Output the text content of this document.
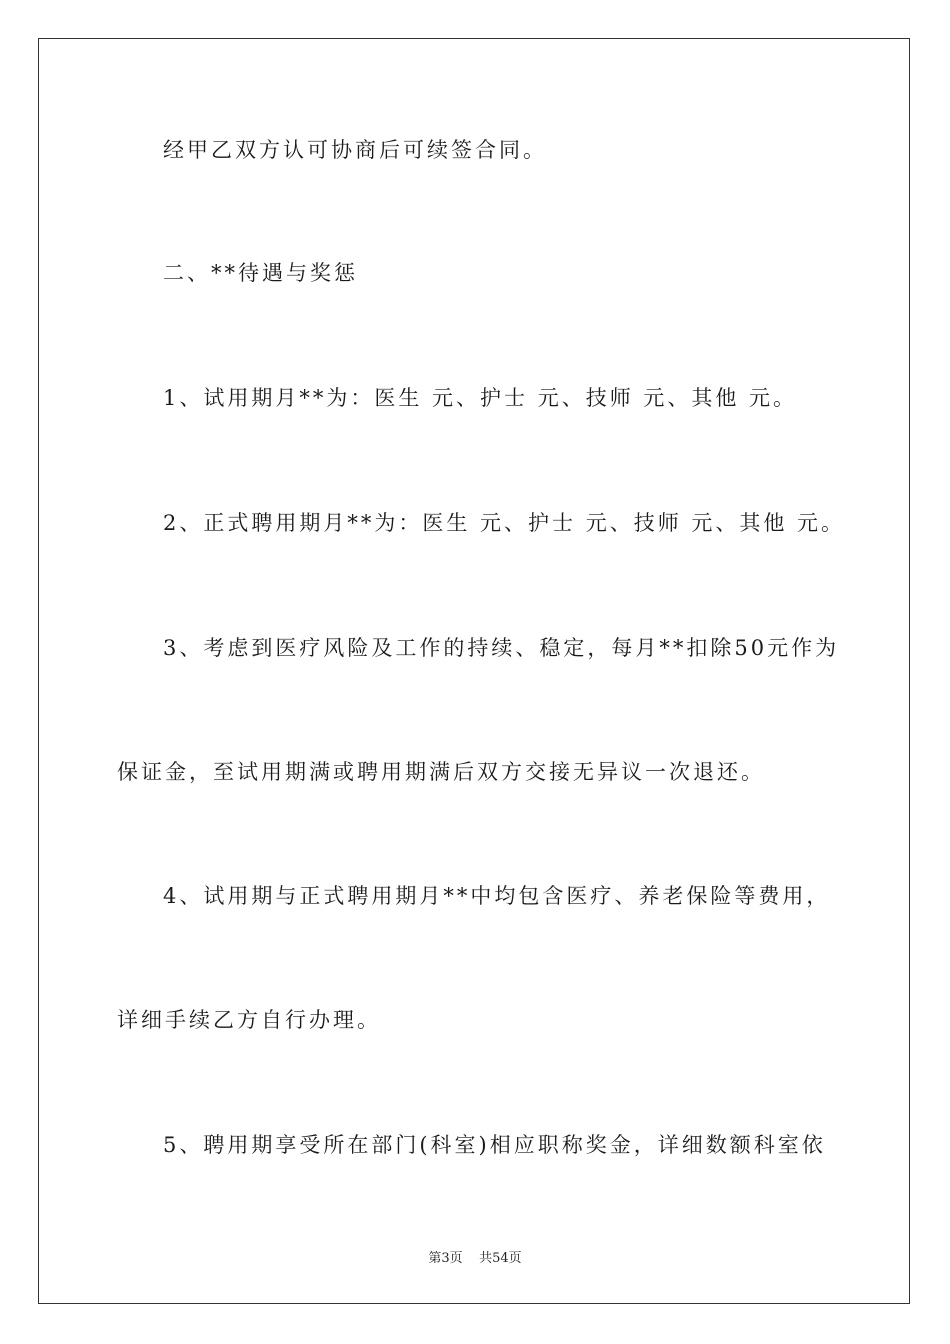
经甲乙双方认可协商后可续签合同。
二、**待遇与奖惩
1、试用期月**为：医生 元、护士 元、技师 元、其他 元。
2、正式聘用期月**为：医生 元、护士 元、技师 元、其他 元。
3、考虑到医疗风险及工作的持续、稳定，每月**扣除50元作为
保证金，至试用期满或聘用期满后双方交接无异议一次退还。
4、试用期与正式聘用期月**中均包含医疗、养老保险等费用，
详细手续乙方自行办理。
5、聘用期享受所在部门(科室)相应职称奖金，详细数额科室依
第3页 共54页
